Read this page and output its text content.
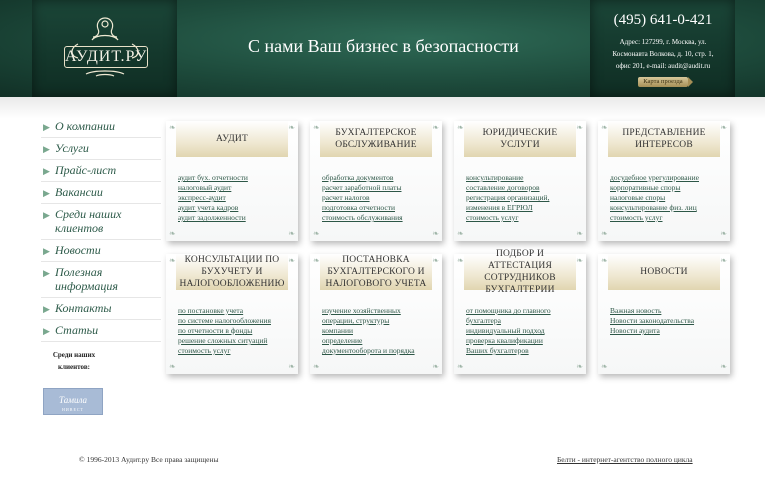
АУДИТ.РУ
С нами Ваш бизнес в безопасности
(495) 641-0-421
Адрес: 127299, г. Москва, ул.
Космонавта Волкова, д. 10, стр. 1,
офис 201, e-mail: audit@audit.ru
Карта проезда
▶ О компании
▶ Услуги
▶ Прайс-лист
▶ Вакансии
▶ Среди наших клиентов
▶ Новости
▶ Полезная информация
▶ Контакты
▶ Статьи
Среди наших клиентов:
Тамила
НИВЕСТ
АУДИТ
❧	❧
❧	❧
аудит бух. отчетности
налоговый аудит
экспресс-аудит
аудит учета кадров
аудит задолженности
БУХГАЛТЕРСКОЕ ОБСЛУЖИВАНИЕ
❧	❧
❧	❧
обработка документов
расчет заработной платы
расчет налогов
подготовка отчетности
стоимость обслуживания
ЮРИДИЧЕСКИЕ УСЛУГИ
❧	❧
❧	❧
консультирование
составление договоров
регистрация организаций,
изменения в ЕГРЮЛ
стоимость услуг
ПРЕДСТАВЛЕНИЕ ИНТЕРЕСОВ
❧	❧
❧	❧
досудебное урегулирование
корпоративные споры
налоговые споры
консультирование физ. лиц
стоимость услуг
КОНСУЛЬТАЦИИ ПО БУХУЧЕТУ И НАЛОГООБЛОЖЕНИЮ
❧	❧
❧	❧
по постановке учета
по системе налогообложения
по отчетности в фонды
решение сложных ситуаций
стоимость услуг
ПОСТАНОВКА БУХГАЛТЕРСКОГО И НАЛОГОВОГО УЧЕТА
❧	❧
❧	❧
изучение хозяйственных
операции, структуры
компании
определение
документооборота и порядка
ПОДБОР И АТТЕСТАЦИЯ СОТРУДНИКОВ БУХГАЛТЕРИИ
❧	❧
❧	❧
от помощника до главного
бухгалтера
индивидуальный подход
проверка квалификации
Ваших бухгалтеров
НОВОСТИ
❧	❧
❧	❧
Важная новость
Новости законодательства
Новости аудита
© 1996-2013 Аудит.ру Все права защищены	Белти - интернет-агентство полного цикла
